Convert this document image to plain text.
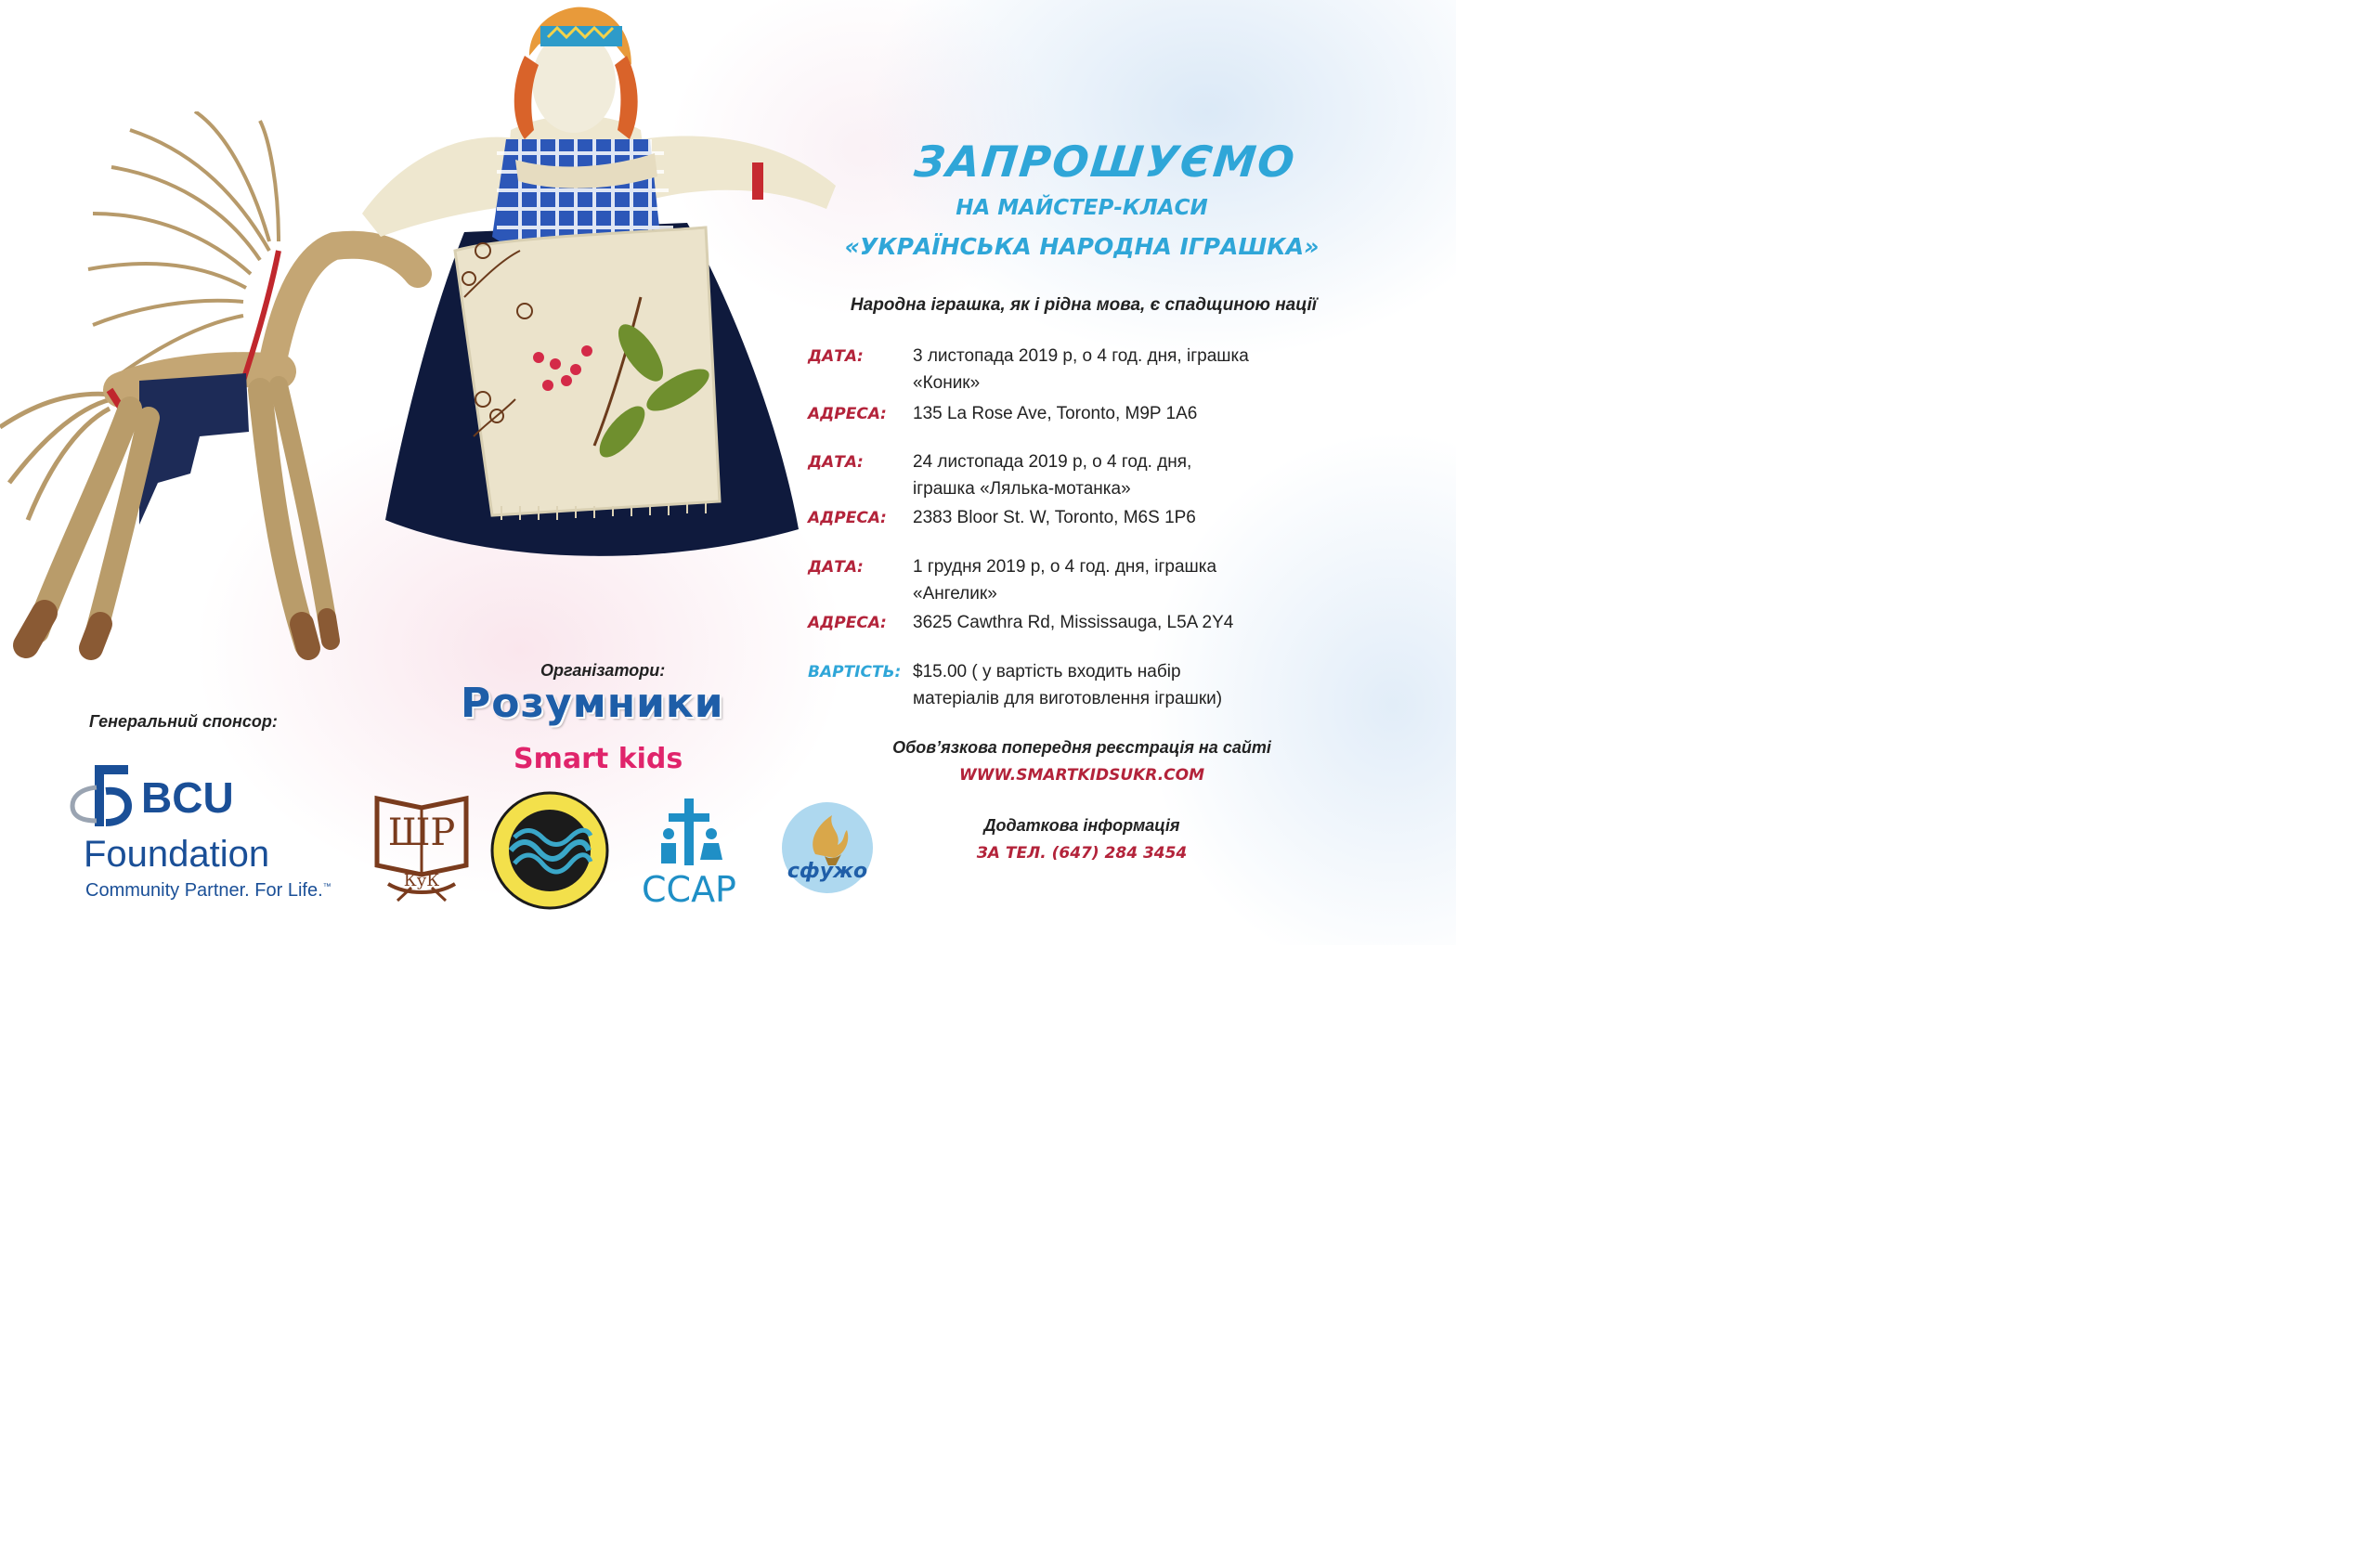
ЗАПРОШУЄМО
НА МАЙСТЕР-КЛАСИ
«УКРАЇНСЬКА НАРОДНА ІГРАШКА»
Народна іграшка, як і рідна мова, є спадщиною нації
ДАТА:	3 листопада 2019 р, о 4 год. дня, іграшка
«Коник»
АДРЕСА: 135 La Rose Ave, Toronto, M9P 1A6
ДАТА:	24 листопада 2019 р, о 4 год. дня,
іграшка «Лялька-мотанка»
АДРЕСА: 2383 Bloor St. W, Toronto, M6S 1P6
ДАТА:	1 грудня 2019 р, о 4 год. дня, іграшка
«Ангелик»
АДРЕСА: 3625 Cawthra Rd, Mississauga, L5A 2Y4
ВАРТІСТЬ: $15.00 ( у вартість входить набір
матеріалів для виготовлення іграшки)
Обов’язкова попередня реєстрація на сайті
WWW.SMARTKIDSUKR.COM
Додаткова інформація
ЗА ТЕЛ. (647) 284 3454
Генеральний спонсор:
Організатори:
Розумники
Smart kids
BCU
Foundation
Community Partner. For Life.™
ШР
КуК	CCAP	сфужо
